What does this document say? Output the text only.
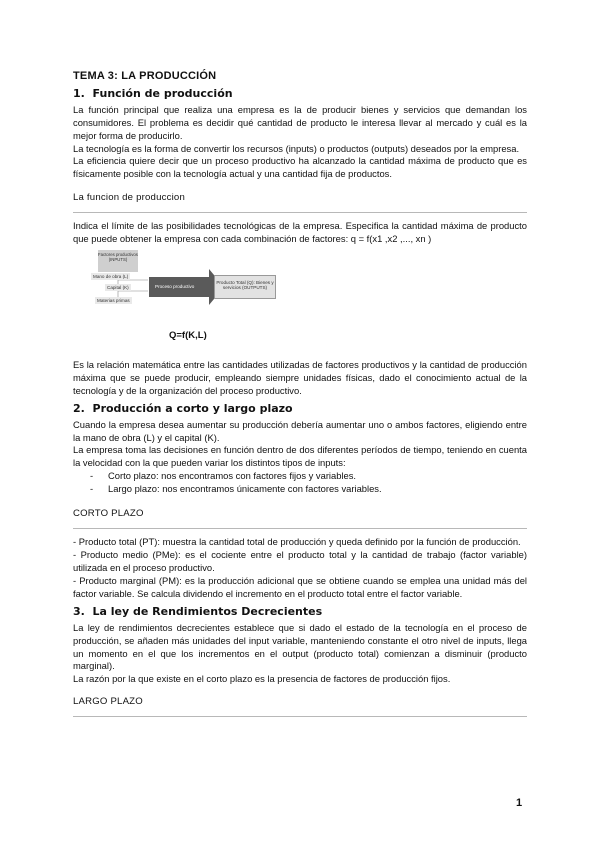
TEMA 3: LA PRODUCCIÓN

1. Función de producción

La función principal que realiza una empresa es la de producir bienes y servicios que demandan los consumidores. El problema es decidir qué cantidad de producto le interesa llevar al mercado y cuál es la mejor forma de producirlo.

La tecnología es la forma de convertir los recursos (inputs) o productos (outputs) deseados por la empresa.

La eficiencia quiere decir que un proceso productivo ha alcanzado la cantidad máxima de producto que es físicamente posible con la tecnología actual y una cantidad fija de productos.

La funcion de produccion

Indica el límite de las posibilidades tecnológicas de la empresa. Especifica la cantidad máxima de producto que puede obtener la empresa con cada combinación de factores: q = f(x1 ,x2 ,..., xn )

Factores productivos (INPUTS)
Mano de obra (L)
Capital (K)
Materias primas
Proceso productivo
Producto Total (Q): Bienes y servicios (OUTPUTS)
Q=f(K,L)

Es la relación matemática entre las cantidades utilizadas de factores productivos y la cantidad de producción máxima que se puede producir, empleando siempre unidades físicas, dado el conocimiento actual de la tecnología y de la organización del proceso productivo.

2. Producción a corto y largo plazo

Cuando la empresa desea aumentar su producción debería aumentar uno o ambos factores, eligiendo entre la mano de obra (L) y el capital (K).

La empresa toma las decisiones en función dentro de dos diferentes períodos de tiempo, teniendo en cuenta la velocidad con la que pueden variar los distintos tipos de inputs:

-	Corto plazo: nos encontramos con factores fijos y variables.
-	Largo plazo: nos encontramos únicamente con factores variables.

CORTO PLAZO

- Producto total (PT): muestra la cantidad total de producción y queda definido por la función de producción.

- Producto medio (PMe): es el cociente entre el producto total y la cantidad de trabajo (factor variable) utilizada en el proceso productivo.

- Producto marginal (PM): es la producción adicional que se obtiene cuando se emplea una unidad más del factor variable. Se calcula dividendo el incremento en el producto total entre el factor variable.

3. La ley de Rendimientos Decrecientes

La ley de rendimientos decrecientes establece que si dado el estado de la tecnología en el proceso de producción, se añaden más unidades del input variable, manteniendo constante el otro nivel de inputs, llega un momento en el que los incrementos en el output (producto total) comienzan a disminuir (producto marginal).

La razón por la que existe en el corto plazo es la presencia de factores de producción fijos.

LARGO PLAZO

1
